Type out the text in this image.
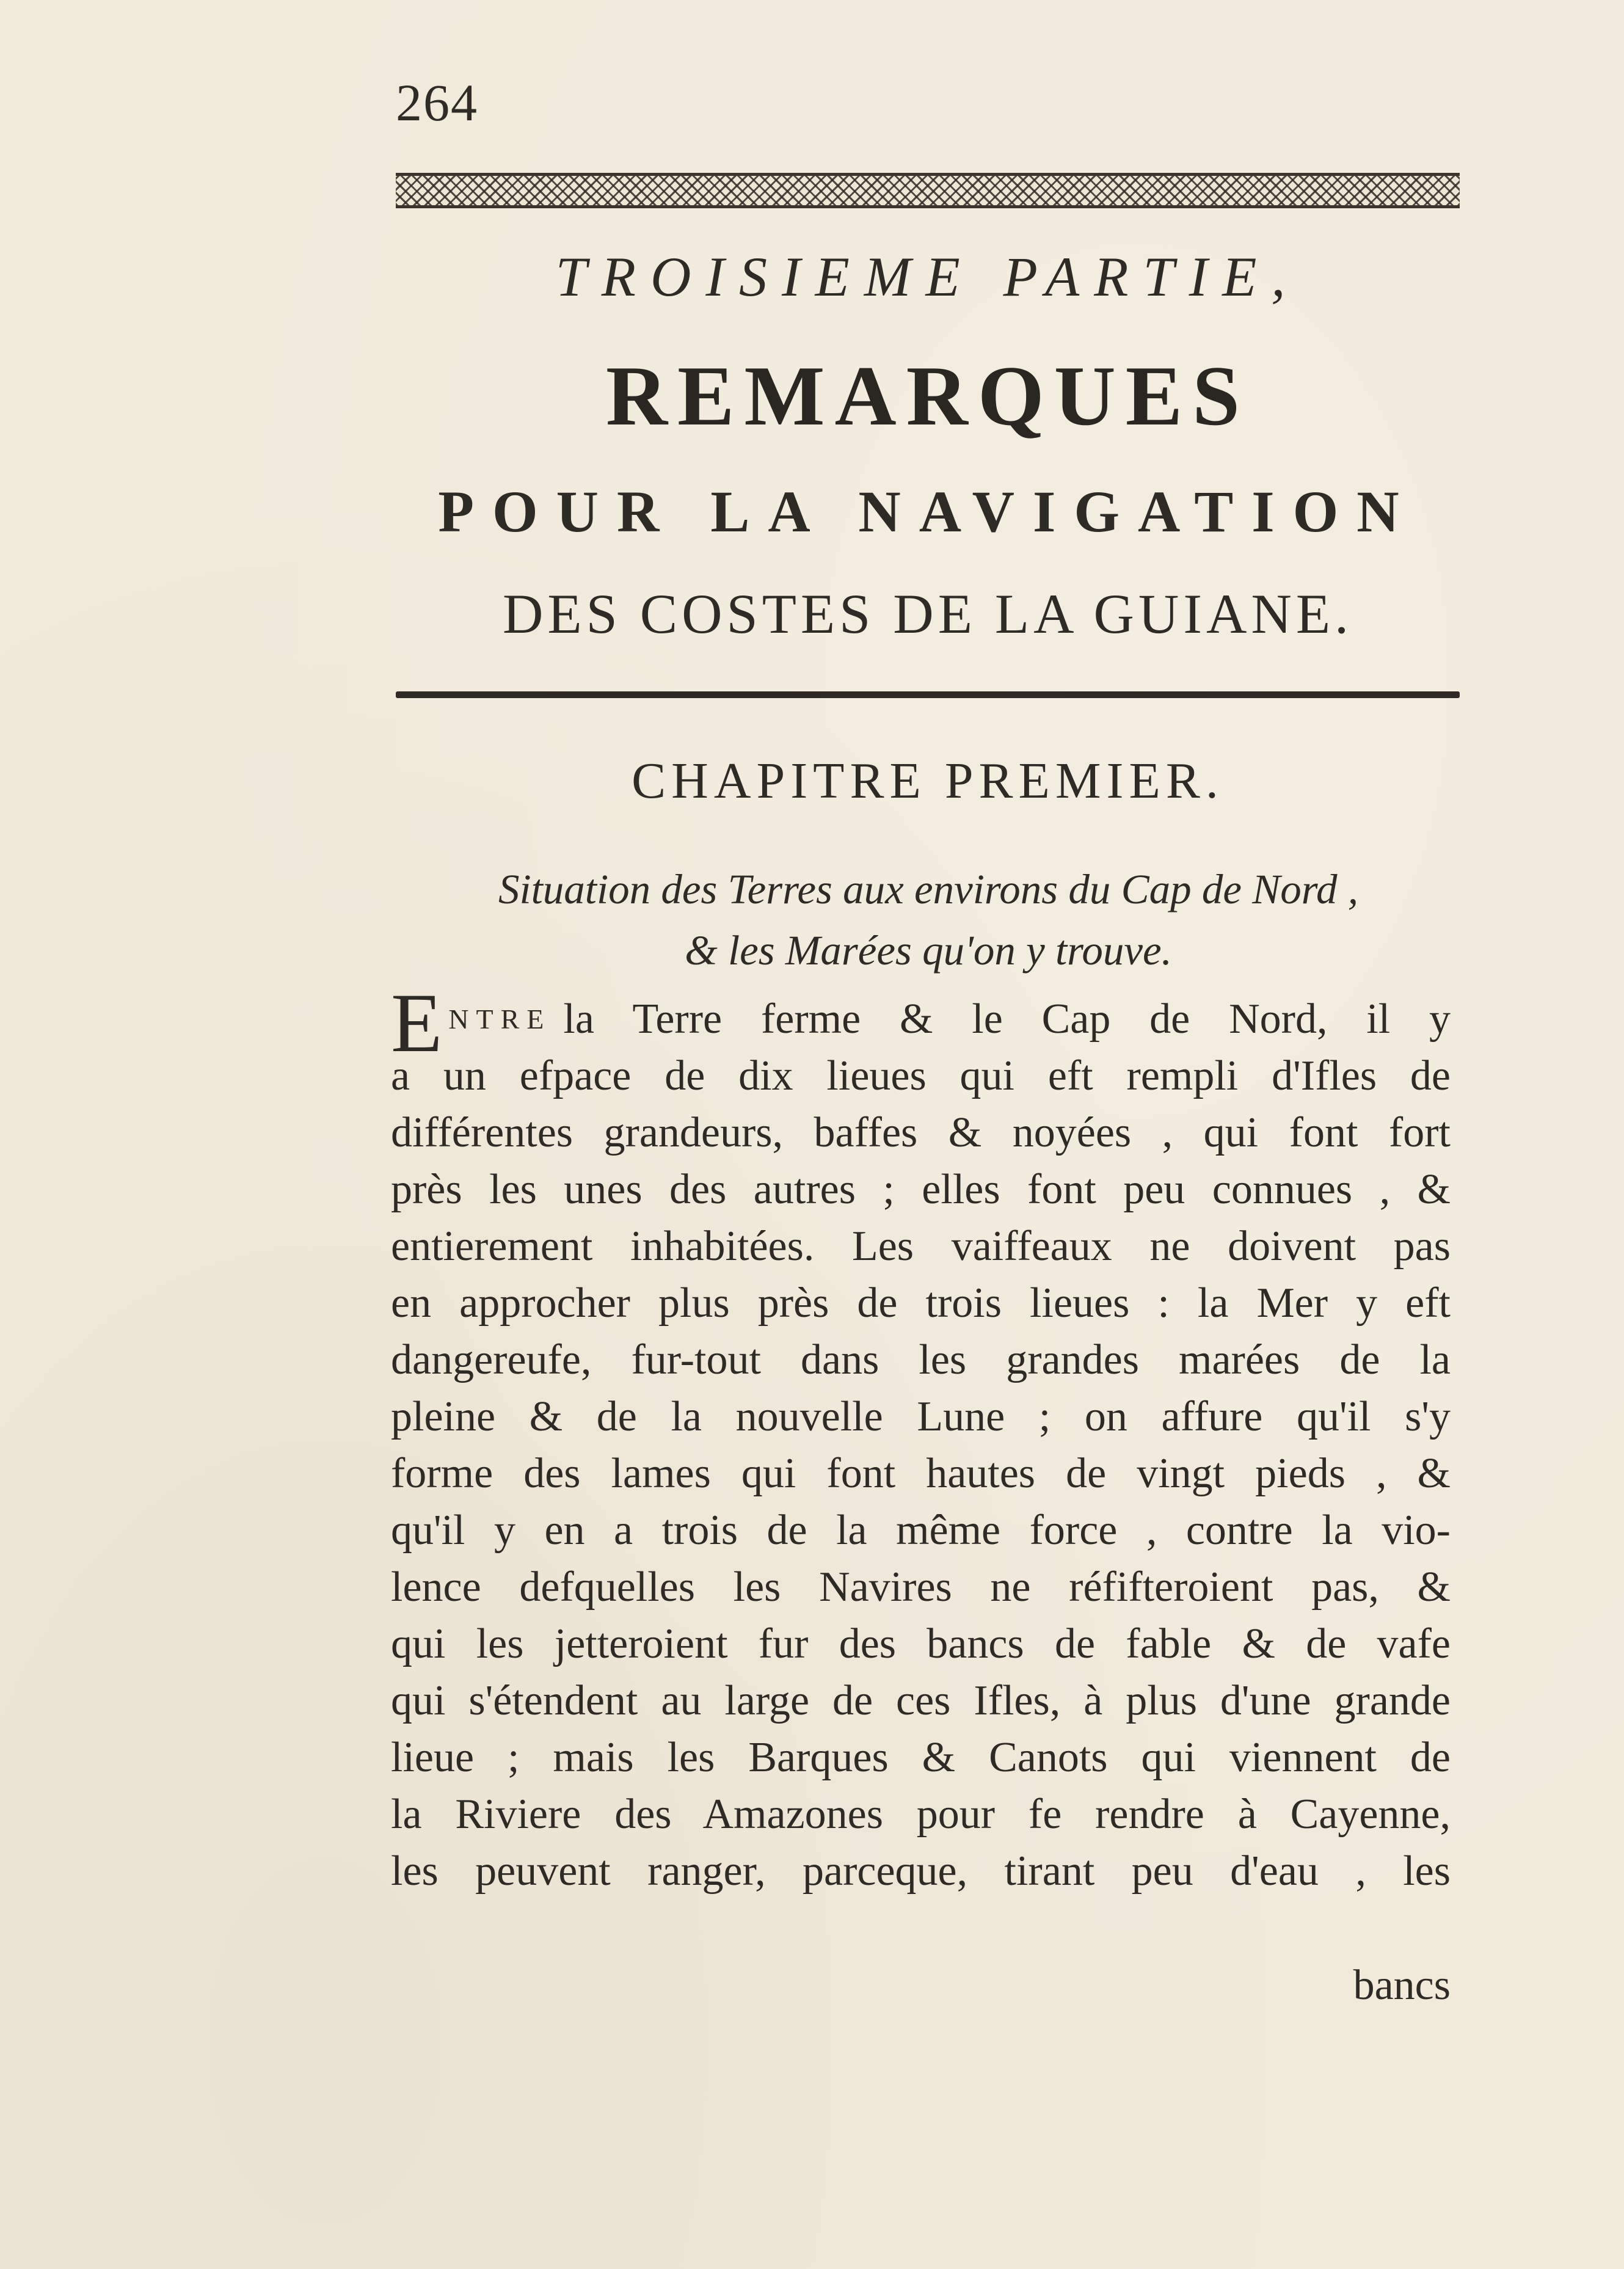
264
TROISIEME PARTIE,
REMARQUES
POUR LA NAVIGATION
DES COSTES DE LA GUIANE.
CHAPITRE PREMIER.
Situation des Terres aux environs du Cap de Nord ,
& les Marées qu'on y trouve.
E NTRE la Terre ferme & le Cap de Nord, il y
a un efpace de dix lieues qui eft rempli d'Ifles de
différentes grandeurs, baffes & noyées , qui font fort
près les unes des autres ; elles font peu connues , &
entierement inhabitées. Les vaiffeaux ne doivent pas
en approcher plus près de trois lieues : la Mer y eft
dangereufe, fur-tout dans les grandes marées de la
pleine & de la nouvelle Lune ; on affure qu'il s'y
forme des lames qui font hautes de vingt pieds , &
qu'il y en a trois de la même force , contre la vio-
lence defquelles les Navires ne réfifteroient pas, &
qui les jetteroient fur des bancs de fable & de vafe
qui s'étendent au large de ces Ifles, à plus d'une grande
lieue ; mais les Barques & Canots qui viennent de
la Riviere des Amazones pour fe rendre à Cayenne,
les peuvent ranger, parceque, tirant peu d'eau , les
bancs
